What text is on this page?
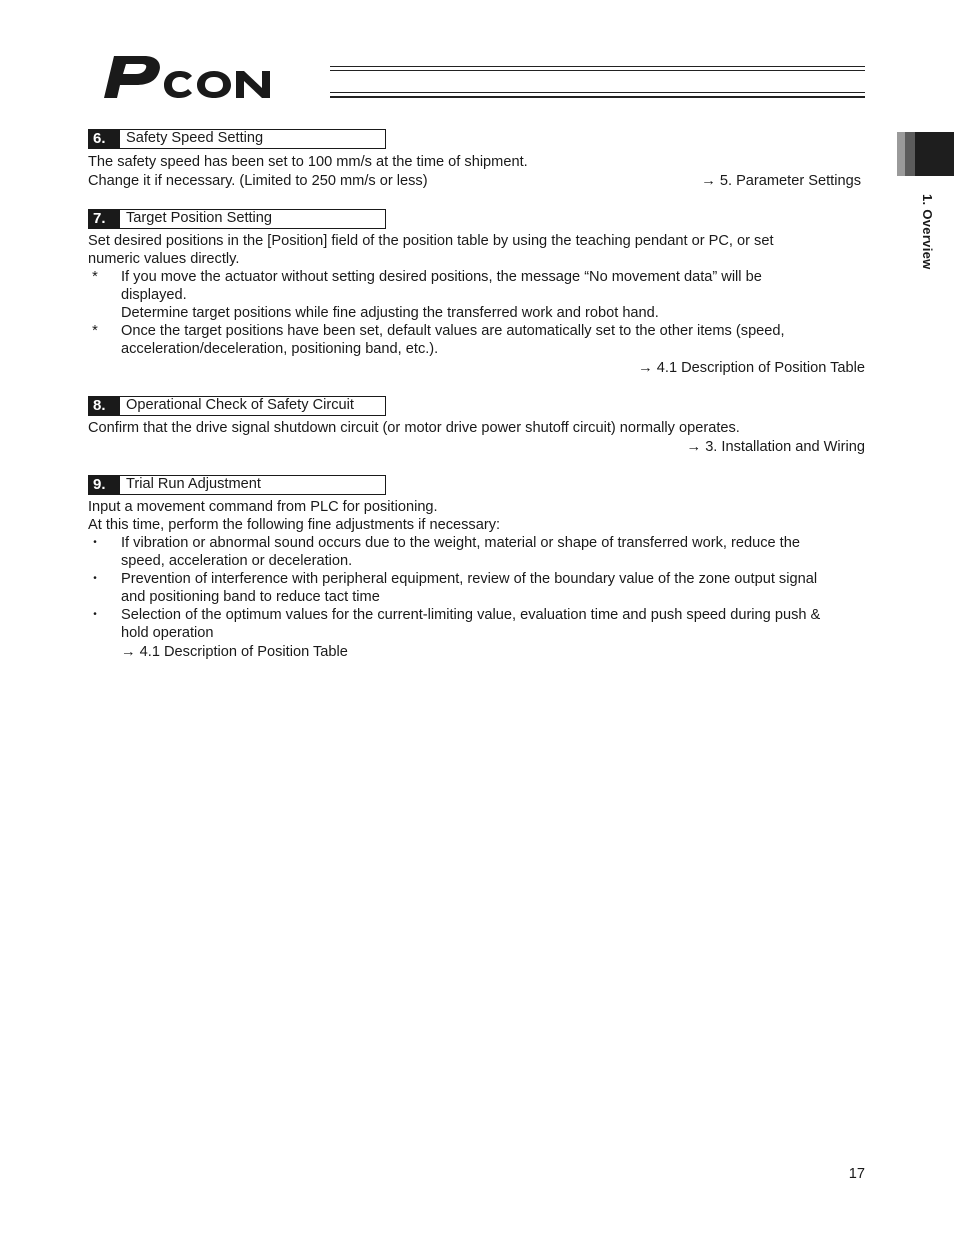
1. Overview
6.	Safety Speed Setting
The safety speed has been set to 100 mm/s at the time of shipment.
Change it if necessary. (Limited to 250 mm/s or less)	→ 5. Parameter Settings
7.	Target Position Setting
Set desired positions in the [Position] field of the position table by using the teaching pendant or PC, or set
numeric values directly.
* If you move the actuator without setting desired positions, the message “No movement data” will be
displayed.
Determine target positions while fine adjusting the transferred work and robot hand.
* Once the target positions have been set, default values are automatically set to the other items (speed,
acceleration/deceleration, positioning band, etc.).
→ 4.1 Description of Position Table
8.	Operational Check of Safety Circuit
Confirm that the drive signal shutdown circuit (or motor drive power shutoff circuit) normally operates.
→ 3. Installation and Wiring
9.	Trial Run Adjustment
Input a movement command from PLC for positioning.
At this time, perform the following fine adjustments if necessary:
•	If vibration or abnormal sound occurs due to the weight, material or shape of transferred work, reduce the
speed, acceleration or deceleration.
•	Prevention of interference with peripheral equipment, review of the boundary value of the zone output signal
and positioning band to reduce tact time
•	Selection of the optimum values for the current-limiting value, evaluation time and push speed during push &
hold operation
→ 4.1 Description of Position Table
17
